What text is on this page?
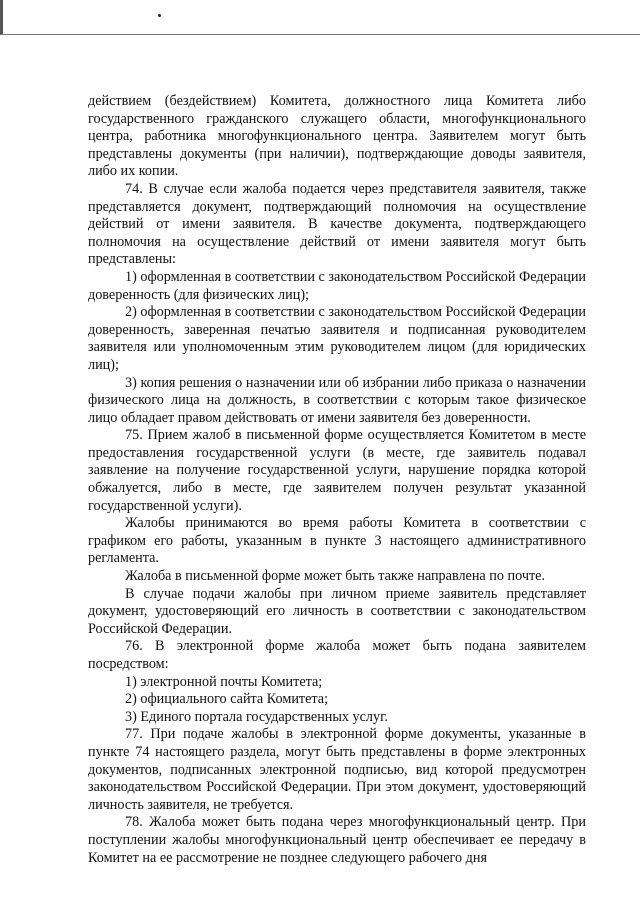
действием (бездействием) Комитета, должностного лица Комитета либо государственного гражданского служащего области, многофункционального центра, работника многофункционального центра. Заявителем могут быть представлены документы (при наличии), подтверждающие доводы заявителя, либо их копии.

74. В случае если жалоба подается через представителя заявителя, также представляется документ, подтверждающий полномочия на осуществление действий от имени заявителя. В качестве документа, подтверждающего полномочия на осуществление действий от имени заявителя могут быть представлены:

1) оформленная в соответствии с законодательством Российской Федерации доверенность (для физических лиц);

2) оформленная в соответствии с законодательством Российской Федерации доверенность, заверенная печатью заявителя и подписанная руководителем заявителя или уполномоченным этим руководителем лицом (для юридических лиц);

3) копия решения о назначении или об избрании либо приказа о назначении физического лица на должность, в соответствии с которым такое физическое лицо обладает правом действовать от имени заявителя без доверенности.

75. Прием жалоб в письменной форме осуществляется Комитетом в месте предоставления государственной услуги (в месте, где заявитель подавал заявление на получение государственной услуги, нарушение порядка которой обжалуется, либо в месте, где заявителем получен результат указанной государственной услуги).

Жалобы принимаются во время работы Комитета в соответствии с графиком его работы, указанным в пункте 3 настоящего административного регламента.

Жалоба в письменной форме может быть также направлена по почте.

В случае подачи жалобы при личном приеме заявитель представляет документ, удостоверяющий его личность в соответствии с законодательством Российской Федерации.

76. В электронной форме жалоба может быть подана заявителем посредством:

1) электронной почты Комитета;

2) официального сайта Комитета;

3) Единого портала государственных услуг.

77. При подаче жалобы в электронной форме документы, указанные в пункте 74 настоящего раздела, могут быть представлены в форме электронных документов, подписанных электронной подписью, вид которой предусмотрен законодательством Российской Федерации. При этом документ, удостоверяющий личность заявителя, не требуется.

78. Жалоба может быть подана через многофункциональный центр. При поступлении жалобы многофункциональный центр обеспечивает ее передачу в Комитет на ее рассмотрение не позднее следующего рабочего дня
